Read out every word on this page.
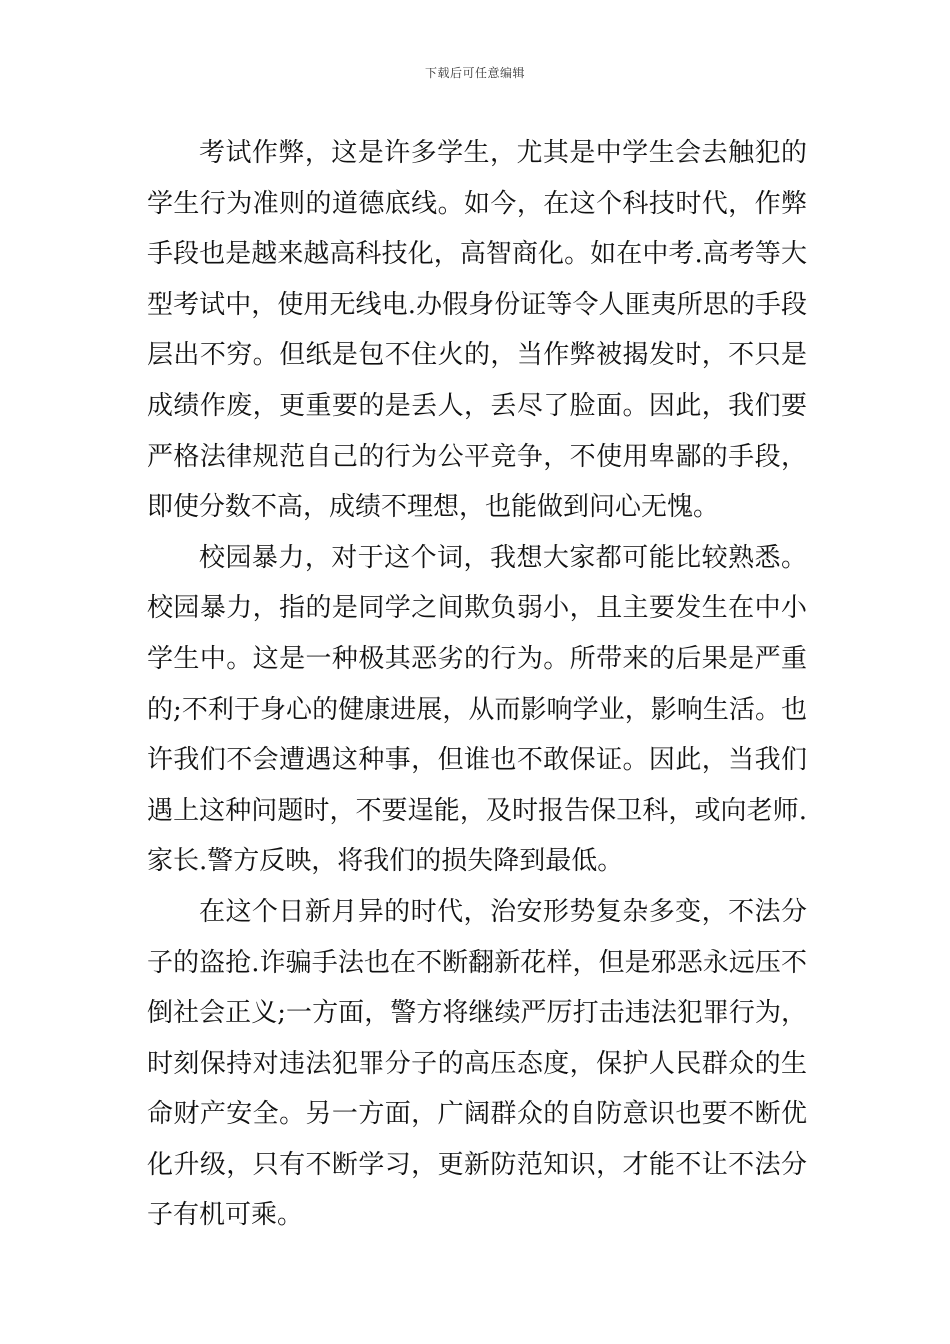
下载后可任意编辑

考试作弊，这是许多学生，尤其是中学生会去触犯的学生行为准则的道德底线。如今，在这个科技时代，作弊手段也是越来越高科技化，高智商化。如在中考.高考等大型考试中，使用无线电.办假身份证等令人匪夷所思的手段层出不穷。但纸是包不住火的，当作弊被揭发时，不只是成绩作废，更重要的是丢人，丢尽了脸面。因此，我们要严格法律规范自己的行为公平竞争，不使用卑鄙的手段，即使分数不高，成绩不理想，也能做到问心无愧。

校园暴力，对于这个词，我想大家都可能比较熟悉。校园暴力，指的是同学之间欺负弱小，且主要发生在中小学生中。这是一种极其恶劣的行为。所带来的后果是严重的;不利于身心的健康进展，从而影响学业，影响生活。也许我们不会遭遇这种事，但谁也不敢保证。因此，当我们遇上这种问题时，不要逞能，及时报告保卫科，或向老师.家长.警方反映，将我们的损失降到最低。

在这个日新月异的时代，治安形势复杂多变，不法分子的盗抢.诈骗手法也在不断翻新花样，但是邪恶永远压不倒社会正义;一方面，警方将继续严厉打击违法犯罪行为，时刻保持对违法犯罪分子的高压态度，保护人民群众的生命财产安全。另一方面，广阔群众的自防意识也要不断优化升级，只有不断学习，更新防范知识，才能不让不法分子有机可乘。
